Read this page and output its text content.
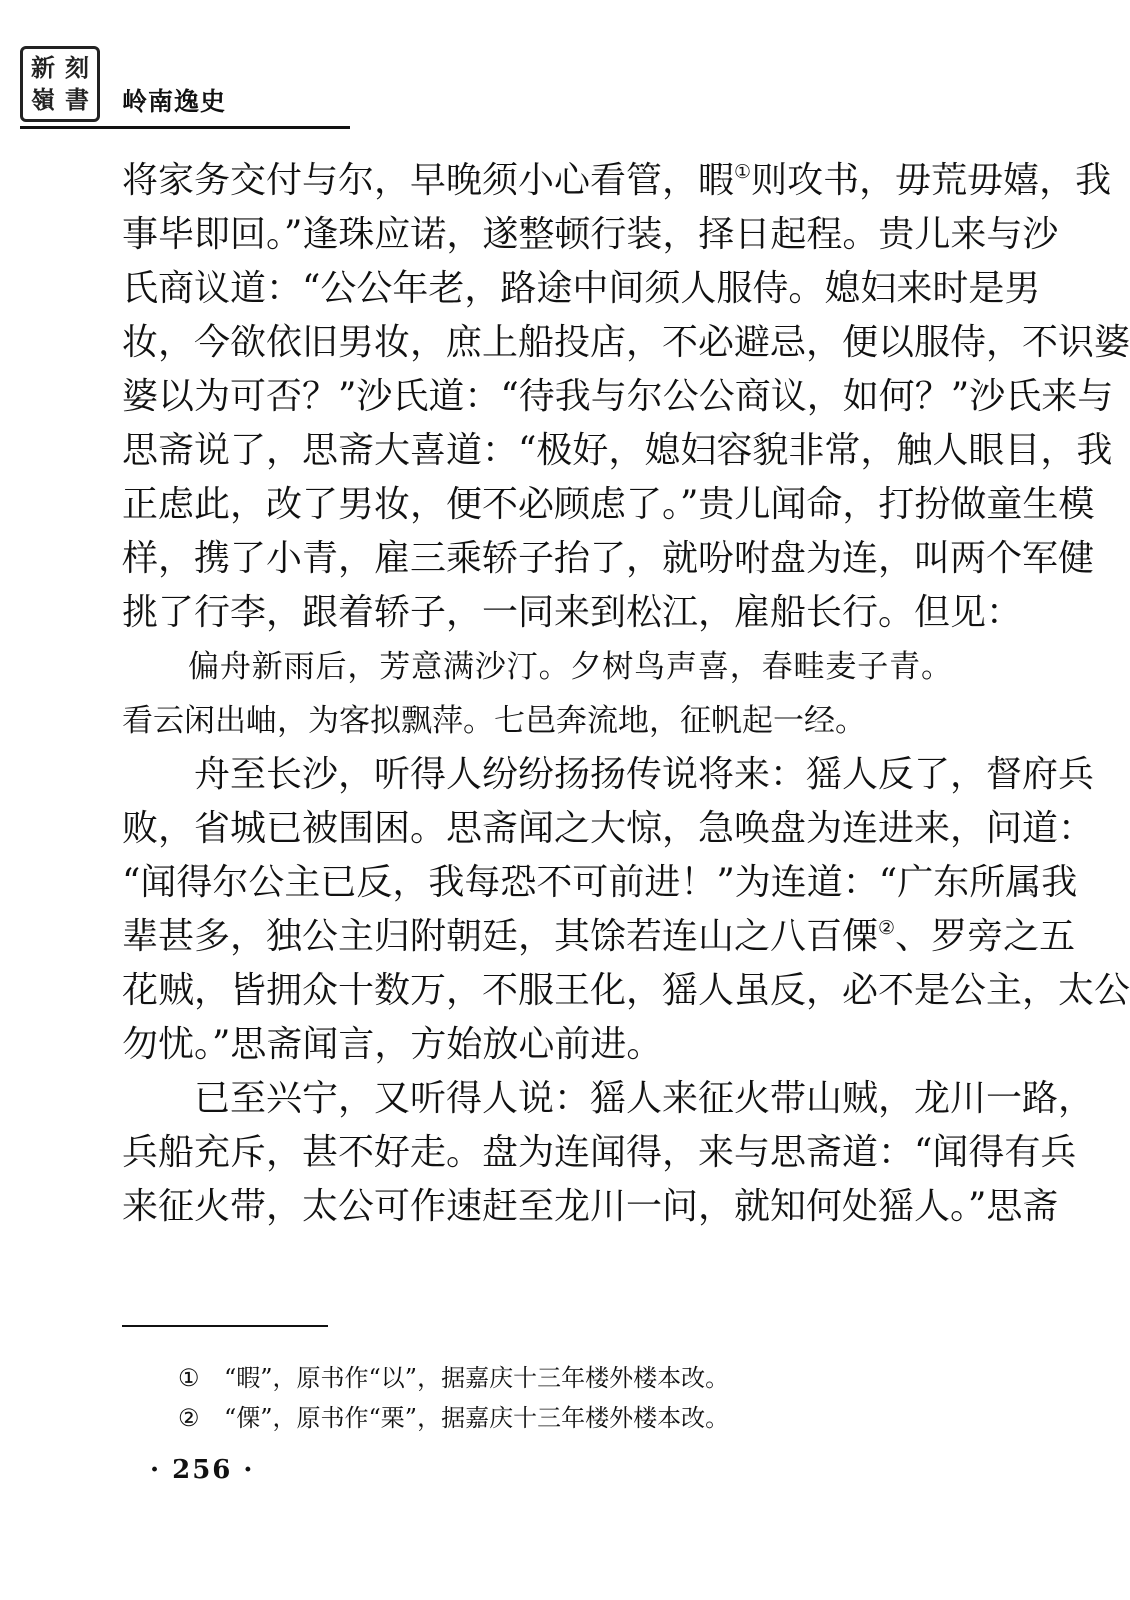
新 刻
嶺 書 岭南逸史
将家务交付与尔，早晚须小心看管，暇①则攻书，毋荒毋嬉，我
事毕即回。”逢珠应诺，遂整顿行装，择日起程。贵儿来与沙
氏商议道：“公公年老，路途中间须人服侍。媳妇来时是男
妆，今欲依旧男妆，庶上船投店，不必避忌，便以服侍，不识婆
婆以为可否？”沙氏道：“待我与尔公公商议，如何？”沙氏来与
思斋说了，思斋大喜道：“极好，媳妇容貌非常，触人眼目，我
正虑此，改了男妆，便不必顾虑了。”贵儿闻命，打扮做童生模
样，携了小青，雇三乘轿子抬了，就吩咐盘为连，叫两个军健
挑了行李，跟着轿子，一同来到松江，雇船长行。但见：
偏舟新雨后，芳意满沙汀。夕树鸟声喜，春畦麦子青。
看云闲出岫，为客拟飘萍。七邑奔流地，征帆起一经。
舟至长沙，听得人纷纷扬扬传说将来：猺人反了，督府兵
败，省城已被围困。思斋闻之大惊，急唤盘为连进来，问道：
“闻得尔公主已反，我每恐不可前进！”为连道：“广东所属我
辈甚多，独公主归附朝廷，其馀若连山之八百傈②、罗旁之五
花贼，皆拥众十数万，不服王化，猺人虽反，必不是公主，太公
勿忧。”思斋闻言，方始放心前进。
已至兴宁，又听得人说：猺人来征火带山贼，龙川一路，
兵船充斥，甚不好走。盘为连闻得，来与思斋道：“闻得有兵
来征火带，太公可作速赶至龙川一问，就知何处猺人。”思斋
① “暇”，原书作“以”，据嘉庆十三年楼外楼本改。
② “傈”，原书作“栗”，据嘉庆十三年楼外楼本改。
· 256 ·
